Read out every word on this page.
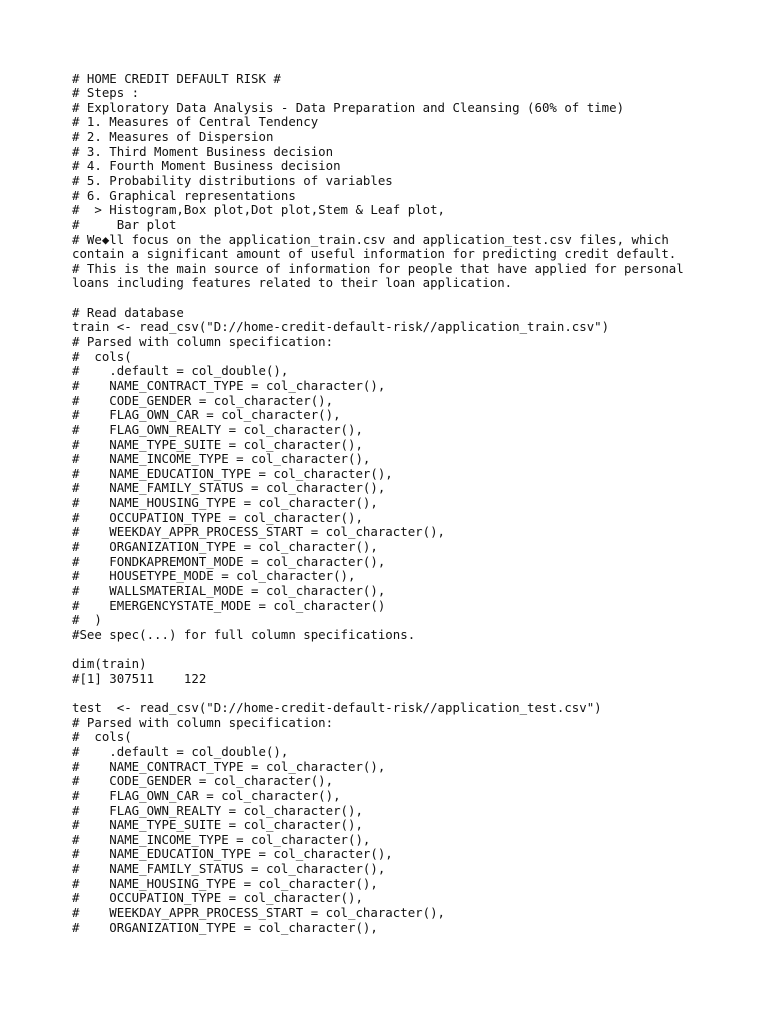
# HOME CREDIT DEFAULT RISK #
# Steps :
# Exploratory Data Analysis - Data Preparation and Cleansing (60% of time)
# 1. Measures of Central Tendency
# 2. Measures of Dispersion
# 3. Third Moment Business decision
# 4. Fourth Moment Business decision
# 5. Probability distributions of variables
# 6. Graphical representations
#  > Histogram,Box plot,Dot plot,Stem & Leaf plot,
#     Bar plot
# We◆ll focus on the application_train.csv and application_test.csv files, which
contain a significant amount of useful information for predicting credit default.
# This is the main source of information for people that have applied for personal
loans including features related to their loan application.
# Read database
train <- read_csv("D://home-credit-default-risk//application_train.csv")
# Parsed with column specification:
#  cols(
#    .default = col_double(),
#    NAME_CONTRACT_TYPE = col_character(),
#    CODE_GENDER = col_character(),
#    FLAG_OWN_CAR = col_character(),
#    FLAG_OWN_REALTY = col_character(),
#    NAME_TYPE_SUITE = col_character(),
#    NAME_INCOME_TYPE = col_character(),
#    NAME_EDUCATION_TYPE = col_character(),
#    NAME_FAMILY_STATUS = col_character(),
#    NAME_HOUSING_TYPE = col_character(),
#    OCCUPATION_TYPE = col_character(),
#    WEEKDAY_APPR_PROCESS_START = col_character(),
#    ORGANIZATION_TYPE = col_character(),
#    FONDKAPREMONT_MODE = col_character(),
#    HOUSETYPE_MODE = col_character(),
#    WALLSMATERIAL_MODE = col_character(),
#    EMERGENCYSTATE_MODE = col_character()
#  )
#See spec(...) for full column specifications.
dim(train)
#[1] 307511    122
test  <- read_csv("D://home-credit-default-risk//application_test.csv")
# Parsed with column specification:
#  cols(
#    .default = col_double(),
#    NAME_CONTRACT_TYPE = col_character(),
#    CODE_GENDER = col_character(),
#    FLAG_OWN_CAR = col_character(),
#    FLAG_OWN_REALTY = col_character(),
#    NAME_TYPE_SUITE = col_character(),
#    NAME_INCOME_TYPE = col_character(),
#    NAME_EDUCATION_TYPE = col_character(),
#    NAME_FAMILY_STATUS = col_character(),
#    NAME_HOUSING_TYPE = col_character(),
#    OCCUPATION_TYPE = col_character(),
#    WEEKDAY_APPR_PROCESS_START = col_character(),
#    ORGANIZATION_TYPE = col_character(),
